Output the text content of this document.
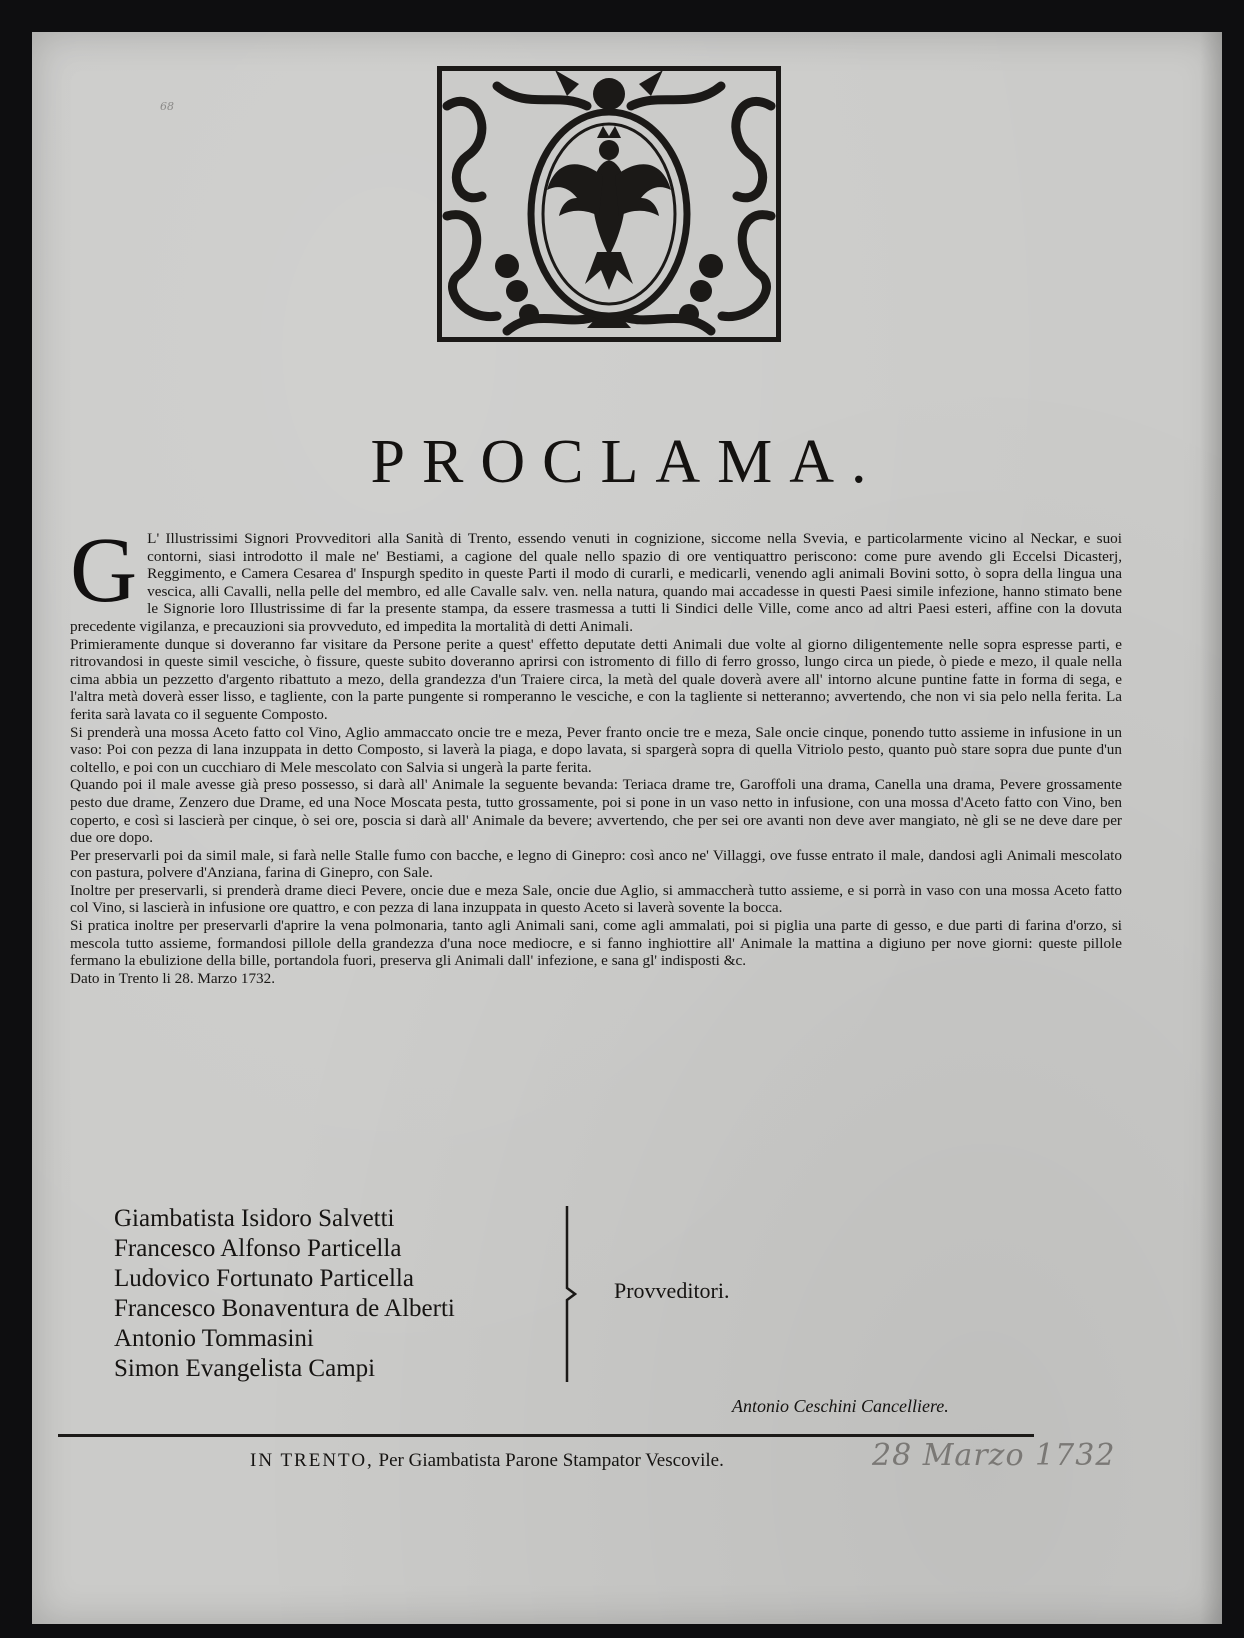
68
PROCLAMA.
G L' Illustrissimi Signori Provveditori alla Sanità di Trento, essendo venuti in cognizione, siccome nella Svevia, e particolarmente vicino al Neckar, e suoi contorni, siasi introdotto il male ne' Bestiami, a cagione del quale nello spazio di ore ventiquattro periscono: come pure avendo gli Eccelsi Dicasterj, Reggimento, e Camera Cesarea d' Inspurgh spedito in queste Parti il modo di curarli, e medicarli, venendo agli animali Bovini sotto, ò sopra della lingua una vescica, alli Cavalli, nella pelle del membro, ed alle Cavalle salv. ven. nella natura, quando mai accadesse in questi Paesi simile infezione, hanno stimato bene le Signorie loro Illustrissime di far la presente stampa, da essere trasmessa a tutti li Sindici delle Ville, come anco ad altri Paesi esteri, affine con la dovuta precedente vigilanza, e precauzioni sia provveduto, ed impedita la mortalità di detti Animali.

Primieramente dunque si doveranno far visitare da Persone perite a quest' effetto deputate detti Animali due volte al giorno diligentemente nelle sopra espresse parti, e ritrovandosi in queste simil vesciche, ò fissure, queste subito doveranno aprirsi con istromento di fillo di ferro grosso, lungo circa un piede, ò piede e mezo, il quale nella cima abbia un pezzetto d'argento ribattuto a mezo, della grandezza d'un Traiere circa, la metà del quale doverà avere all' intorno alcune puntine fatte in forma di sega, e l'altra metà doverà esser lisso, e tagliente, con la parte pungente si romperanno le vesciche, e con la tagliente si netteranno; avvertendo, che non vi sia pelo nella ferita. La ferita sarà lavata co il seguente Composto.

Si prenderà una mossa Aceto fatto col Vino, Aglio ammaccato oncie tre e meza, Pever franto oncie tre e meza, Sale oncie cinque, ponendo tutto assieme in infusione in un vaso: Poi con pezza di lana inzuppata in detto Composto, si laverà la piaga, e dopo lavata, si spargerà sopra di quella Vitriolo pesto, quanto può stare sopra due punte d'un coltello, e poi con un cucchiaro di Mele mescolato con Salvia si ungerà la parte ferita.

Quando poi il male avesse già preso possesso, si darà all' Animale la seguente bevanda: Teriaca drame tre, Garoffoli una drama, Canella una drama, Pevere grossamente pesto due drame, Zenzero due Drame, ed una Noce Moscata pesta, tutto grossamente, poi si pone in un vaso netto in infusione, con una mossa d'Aceto fatto con Vino, ben coperto, e così si lascierà per cinque, ò sei ore, poscia si darà all' Animale da bevere; avvertendo, che per sei ore avanti non deve aver mangiato, nè gli se ne deve dare per due ore dopo.

Per preservarli poi da simil male, si farà nelle Stalle fumo con bacche, e legno di Ginepro: così anco ne' Villaggi, ove fusse entrato il male, dandosi agli Animali mescolato con pastura, polvere d'Anziana, farina di Ginepro, con Sale.

Inoltre per preservarli, si prenderà drame dieci Pevere, oncie due e meza Sale, oncie due Aglio, si ammaccherà tutto assieme, e si porrà in vaso con una mossa Aceto fatto col Vino, si lascierà in infusione ore quattro, e con pezza di lana inzuppata in questo Aceto si laverà sovente la bocca.

Si pratica inoltre per preservarli d'aprire la vena polmonaria, tanto agli Animali sani, come agli ammalati, poi si piglia una parte di gesso, e due parti di farina d'orzo, si mescola tutto assieme, formandosi pillole della grandezza d'una noce mediocre, e si fanno inghiottire all' Animale la mattina a digiuno per nove giorni: queste pillole fermano la ebulizione della bille, portandola fuori, preserva gli Animali dall' infezione, e sana gl' indisposti &c.

Dato in Trento li 28. Marzo 1732.

Giambatista Isidoro Salvetti
Francesco Alfonso Particella
Ludovico Fortunato Particella
Francesco Bonaventura de Alberti
Antonio Tommasini
Simon Evangelista Campi
Provveditori.
Antonio Ceschini Cancelliere.
IN TRENTO, Per Giambatista Parone Stampator Vescovile.	28 Marzo 1732
